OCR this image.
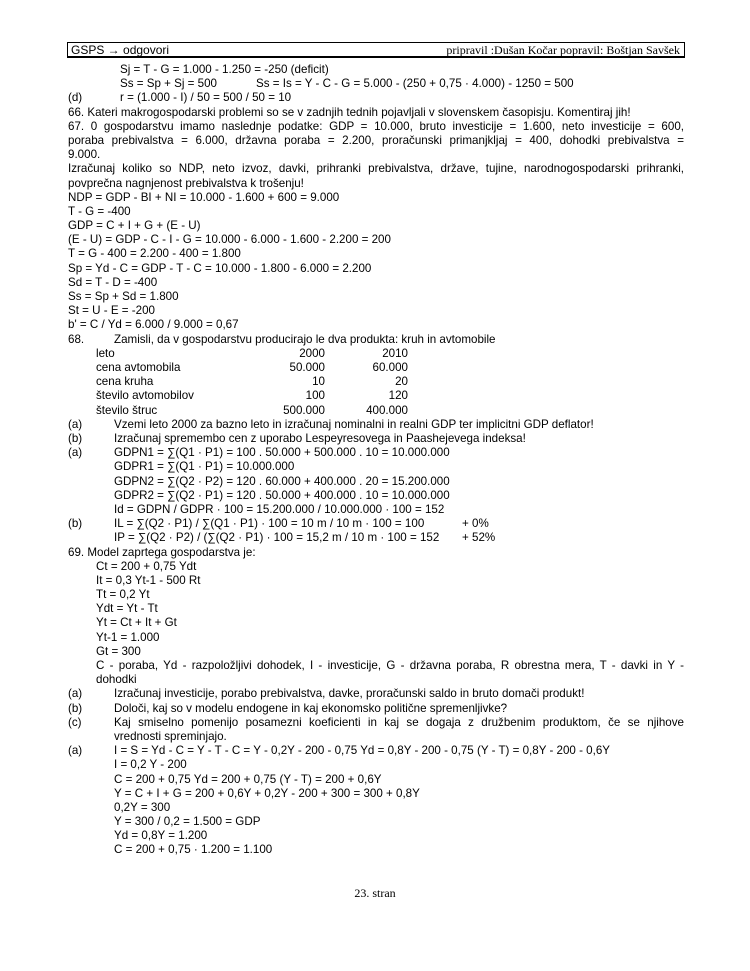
GSPS → odgovori	pripravil :Dušan Kočar popravil: Boštjan Savšek
Sj = T - G = 1.000 - 1.250 = -250 (deficit)
Ss = Sp + Sj = 500	Ss = Is = Y - C - G = 5.000 - (250 + 0,75 · 4.000) - 1250 = 500
(d)	r = (1.000 - I) / 50 = 500 / 50 = 10
66. Kateri makrogospodarski problemi so se v zadnjih tednih pojavljali v slovenskem časopisju. Komentiraj jih!
67. 0 gospodarstvu imamo naslednje podatke: GDP = 10.000, bruto investicije = 1.600, neto investicije = 600,
poraba prebivalstva = 6.000, državna poraba = 2.200, proračunski primanjkljaj = 400, dohodki prebivalstva =
9.000.
Izračunaj koliko so NDP, neto izvoz, davki, prihranki prebivalstva, države, tujine, narodnogospodarski prihranki,
povprečna nagnjenost prebivalstva k trošenju!
NDP = GDP - BI + NI = 10.000 - 1.600 + 600 = 9.000
T - G = -400
GDP = C + I + G + (E - U)
(E - U) = GDP - C - I - G = 10.000 - 6.000 - 1.600 - 2.200 = 200
T = G - 400 = 2.200 - 400 = 1.800
Sp = Yd - C = GDP - T - C = 10.000 - 1.800 - 6.000 = 2.200
Sd = T - D = -400
Ss = Sp + Sd = 1.800
St = U - E = -200
b' = C / Yd = 6.000 / 9.000 = 0,67
68.	Zamisli, da v gospodarstvu producirajo le dva produkta: kruh in avtomobile
leto	2000	2010
cena avtomobila	50.000	60.000
cena kruha	10	20
število avtomobilov	100	120
število štruc	500.000	400.000
(a)	Vzemi leto 2000 za bazno leto in izračunaj nominalni in realni GDP ter implicitni GDP deflator!
(b)	Izračunaj spremembo cen z uporabo Lespeyresovega in Paashejevega indeksa!
(a)	GDPN1 = ∑(Q1 · P1) = 100 . 50.000 + 500.000 . 10 = 10.000.000
GDPR1 = ∑(Q1 · P1) = 10.000.000
GDPN2 = ∑(Q2 · P2) = 120 . 60.000 + 400.000 . 20 = 15.200.000
GDPR2 = ∑(Q2 · P1) = 120 . 50.000 + 400.000 . 10 = 10.000.000
Id = GDPN / GDPR · 100 = 15.200.000 / 10.000.000 · 100 = 152
(b)	IL = ∑(Q2 · P1) / ∑(Q1 · P1) · 100 = 10 m / 10 m · 100 = 100	+ 0%
IP = ∑(Q2 · P2) / (∑(Q2 · P1) · 100 = 15,2 m / 10 m · 100 = 152 + 52%
69. Model zaprtega gospodarstva je:
Ct = 200 + 0,75 Ydt
It = 0,3 Yt-1 - 500 Rt
Tt = 0,2 Yt
Ydt = Yt - Tt
Yt = Ct + It + Gt
Yt-1 = 1.000
Gt = 300
C - poraba, Yd - razpoložljivi dohodek, I - investicije, G - državna poraba, R obrestna mera, T - davki in Y -
dohodki
(a)	Izračunaj investicije, porabo prebivalstva, davke, proračunski saldo in bruto domači produkt!
(b)	Določi, kaj so v modelu endogene in kaj ekonomsko politične spremenljivke?
(c)	Kaj smiselno pomenijo posamezni koeficienti in kaj se dogaja z družbenim produktom, če se njihove
vrednosti spreminjajo.
(a)	I = S = Yd - C = Y - T - C = Y - 0,2Y - 200 - 0,75 Yd = 0,8Y - 200 - 0,75 (Y - T) = 0,8Y - 200 - 0,6Y
I = 0,2 Y - 200
C = 200 + 0,75 Yd = 200 + 0,75 (Y - T) = 200 + 0,6Y
Y = C + I + G = 200 + 0,6Y + 0,2Y - 200 + 300 = 300 + 0,8Y
0,2Y = 300
Y = 300 / 0,2 = 1.500 = GDP
Yd = 0,8Y = 1.200
C = 200 + 0,75 · 1.200 = 1.100
23. stran
